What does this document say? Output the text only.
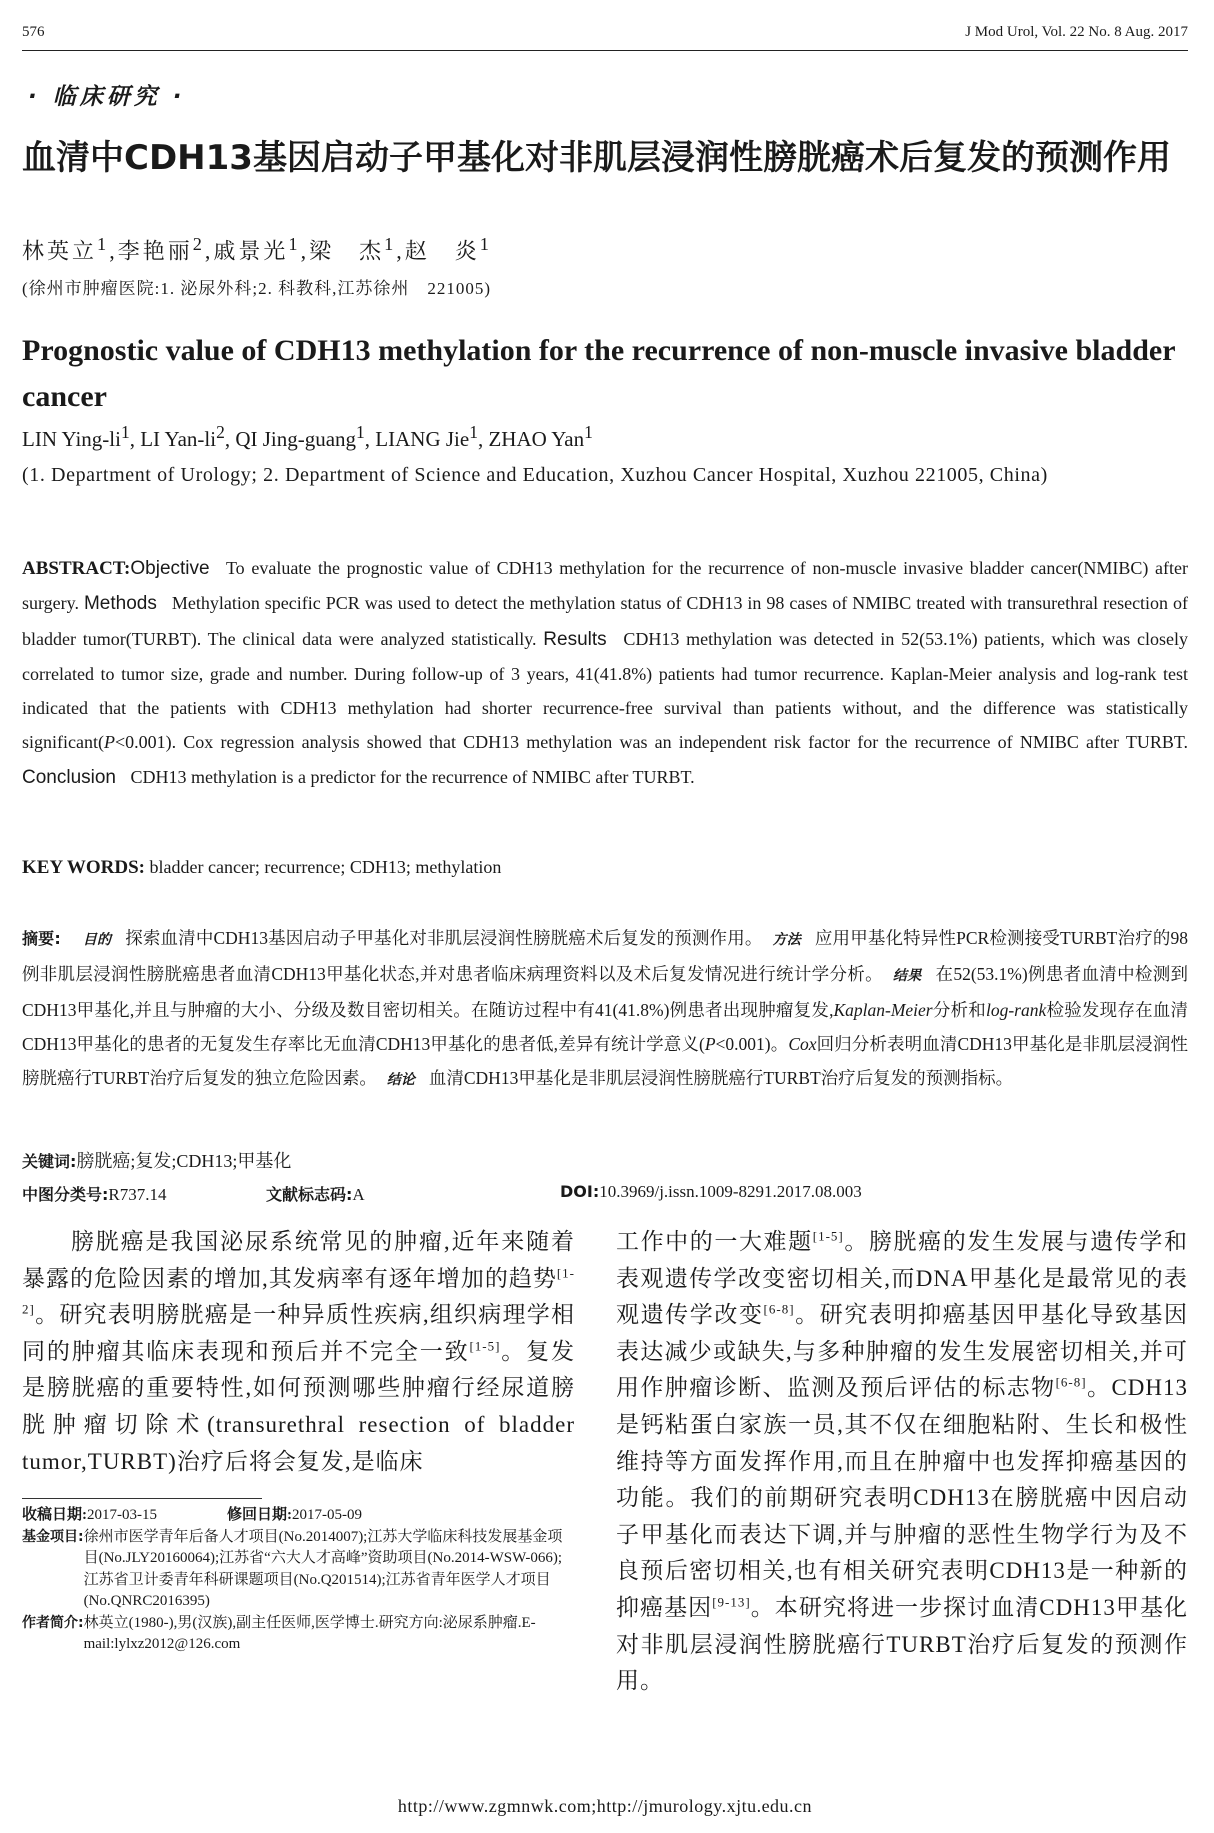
576	J Mod Urol, Vol. 22 No. 8 Aug. 2017
· 临床研究 ·
血清中CDH13基因启动子甲基化对非肌层浸润性膀胱癌术后复发的预测作用
林英立$^1$,李艳丽$^2$,戚景光$^1$,梁　杰$^1$,赵　炎$^1$
(徐州市肿瘤医院:1. 泌尿外科;2. 科教科,江苏徐州　221005)
Prognostic value of CDH13 methylation for the recurrence of non-muscle invasive bladder cancer
LIN Ying-$li^1$, LI Yan-$li^2$, QI Jing-guang$^1$, LIANG Jie$^1$, ZHAO Yan$^1$
(1. Department of Urology; 2. Department of Science and Education, Xuzhou Cancer Hospital, Xuzhou 221005, China)

ABSTRACT:Objective To evaluate the prognostic value of CDH13 methylation for the recurrence of non-muscle invasive bladder cancer(NMIBC) after surgery. Methods Methylation specific PCR was used to detect the methylation status of CDH13 in 98 cases of NMIBC treated with transurethral resection of bladder tumor(TURBT). The clinical data were analyzed statistically. Results CDH13 methylation was detected in 52(53.1%) patients, which was closely correlated to tumor size, grade and number. During follow-up of 3 years, 41(41.8%) patients had tumor recurrence. Kaplan-Meier analysis and log-rank test indicated that the patients with CDH13 methylation had shorter recurrence-free survival than patients without, and the difference was statistically significant(P<0.001). Cox regression analysis showed that CDH13 methylation was an independent risk factor for the recurrence of NMIBC after TURBT. Conclusion CDH13 methylation is a predictor for the recurrence of NMIBC after TURBT.

KEY WORDS: bladder cancer; recurrence; CDH13; methylation

摘要: 目的 探索血清中CDH13基因启动子甲基化对非肌层浸润性膀胱癌术后复发的预测作用。 方法 应用甲基化特异性PCR检测接受TURBT治疗的98例非肌层浸润性膀胱癌患者血清CDH13甲基化状态,并对患者临床病理资料以及术后复发情况进行统计学分析。 结果 在52(53.1%)例患者血清中检测到CDH13甲基化,并且与肿瘤的大小、分级及数目密切相关。在随访过程中有41(41.8%)例患者出现肿瘤复发,Kaplan-Meier分析和log-rank检验发现存在血清CDH13甲基化的患者的无复发生存率比无血清CDH13甲基化的患者低,差异有统计学意义(P<0.001)。Cox回归分析表明血清CDH13甲基化是非肌层浸润性膀胱癌行TURBT治疗后复发的独立危险因素。 结论 血清CDH13甲基化是非肌层浸润性膀胱癌行TURBT治疗后复发的预测指标。

关键词:膀胱癌;复发;CDH13;甲基化
中图分类号:R737.14	文献标志码:A	DOI:10.3969/j.issn.1009-8291.2017.08.003

  膀胱癌是我国泌尿系统常见的肿瘤,近年来随着暴露的危险因素的增加,其发病率有逐年增加的趋势[1-2]。研究表明膀胱癌是一种异质性疾病,组织病理学相同的肿瘤其临床表现和预后并不完全一致[1-5]。复发是膀胱癌的重要特性,如何预测哪些肿瘤行经尿道膀胱肿瘤切除术(transurethral resection of bladder tumor,TURBT)治疗后将会复发,是临床

收稿日期:2017-03-15	修回日期:2017-05-09
基金项目: 徐州市医学青年后备人才项目(No.2014007);江苏大学临床科技发展基金项目(No.JLY20160064);江苏省“六大人才高峰”资助项目(No.2014-WSW-066);江苏省卫计委青年科研课题项目(No.Q201514);江苏省青年医学人才项目(No.QNRC2016395)
作者简介: 林英立(1980-),男(汉族),副主任医师,医学博士.研究方向:泌尿系肿瘤.E-mail:lylxz2012@126.com

工作中的一大难题[1-5]。膀胱癌的发生发展与遗传学和表观遗传学改变密切相关,而DNA甲基化是最常见的表观遗传学改变[6-8]。研究表明抑癌基因甲基化导致基因表达减少或缺失,与多种肿瘤的发生发展密切相关,并可用作肿瘤诊断、监测及预后评估的标志物[6-8]。CDH13是钙粘蛋白家族一员,其不仅在细胞粘附、生长和极性维持等方面发挥作用,而且在肿瘤中也发挥抑癌基因的功能。我们的前期研究表明CDH13在膀胱癌中因启动子甲基化而表达下调,并与肿瘤的恶性生物学行为及不良预后密切相关,也有相关研究表明CDH13是一种新的抑癌基因[9-13]。本研究将进一步探讨血清CDH13甲基化对非肌层浸润性膀胱癌行TURBT治疗后复发的预测作用。

http://www.zgmnwk.com;http://jmurology.xjtu.edu.cn
